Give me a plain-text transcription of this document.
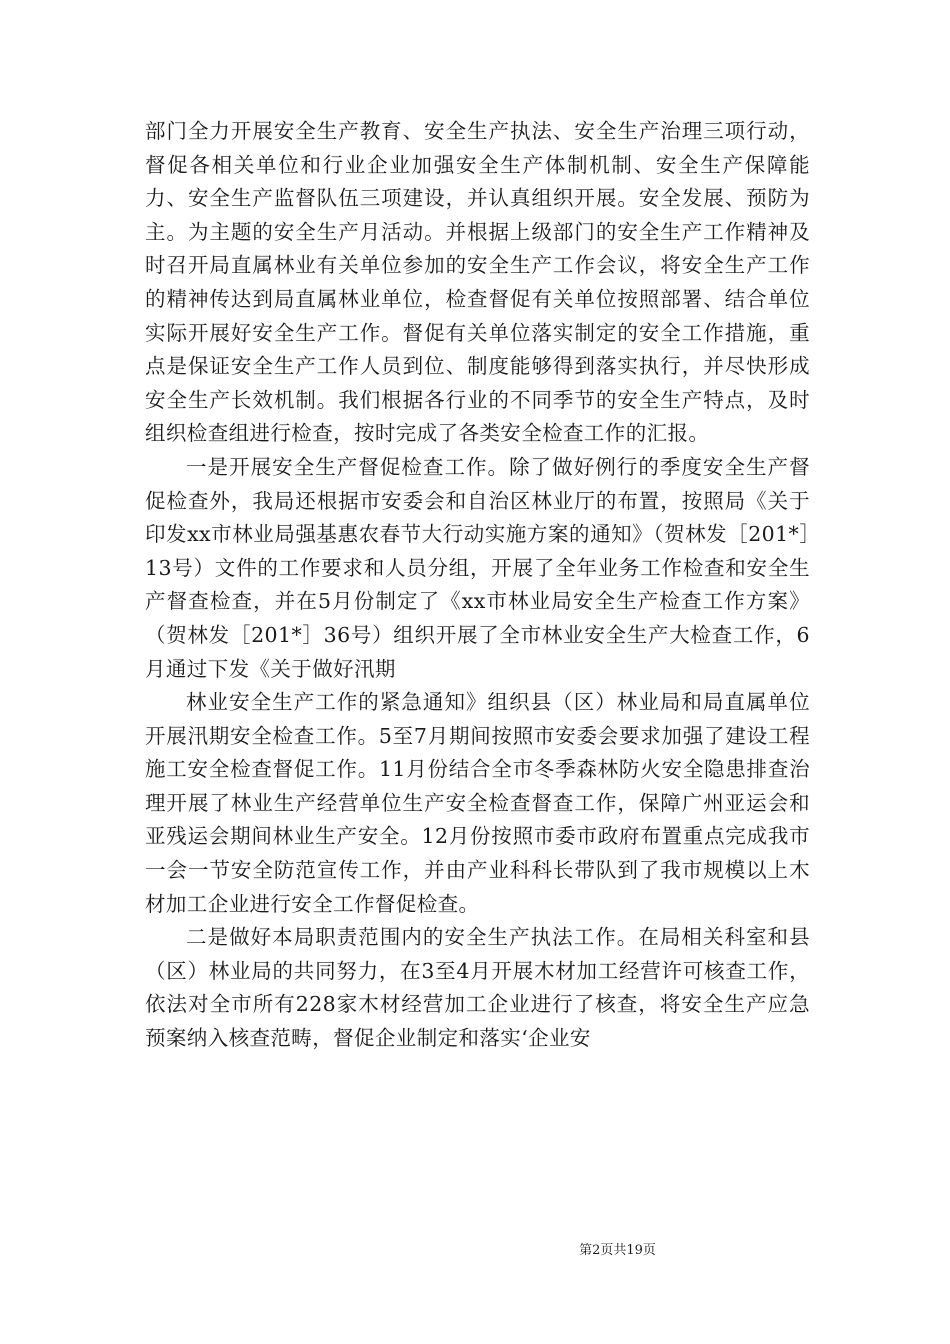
部门全力开展安全生产教育、安全生产执法、安全生产治理三项行动，督促各相关单位和行业企业加强安全生产体制机制、安全生产保障能力、安全生产监督队伍三项建设，并认真组织开展。安全发展、预防为主。为主题的安全生产月活动。并根据上级部门的安全生产工作精神及时召开局直属林业有关单位参加的安全生产工作会议，将安全生产工作的精神传达到局直属林业单位，检查督促有关单位按照部署、结合单位实际开展好安全生产工作。督促有关单位落实制定的安全工作措施，重点是保证安全生产工作人员到位、制度能够得到落实执行，并尽快形成安全生产长效机制。我们根据各行业的不同季节的安全生产特点，及时组织检查组进行检查，按时完成了各类安全检查工作的汇报。

一是开展安全生产督促检查工作。除了做好例行的季度安全生产督促检查外，我局还根据市安委会和自治区林业厅的布置，按照局《关于印发xx市林业局强基惠农春节大行动实施方案的通知》（贺林发［201*］13号）文件的工作要求和人员分组，开展了全年业务工作检查和安全生产督查检查，并在5月份制定了《xx市林业局安全生产检查工作方案》（贺林发［201*］36号）组织开展了全市林业安全生产大检查工作，6月通过下发《关于做好汛期

林业安全生产工作的紧急通知》组织县（区）林业局和局直属单位开展汛期安全检查工作。5至7月期间按照市安委会要求加强了建设工程施工安全检查督促工作。11月份结合全市冬季森林防火安全隐患排查治理开展了林业生产经营单位生产安全检查督查工作，保障广州亚运会和亚残运会期间林业生产安全。12月份按照市委市政府布置重点完成我市一会一节安全防范宣传工作，并由产业科科长带队到了我市规模以上木材加工企业进行安全工作督促检查。

二是做好本局职责范围内的安全生产执法工作。在局相关科室和县（区）林业局的共同努力，在3至4月开展木材加工经营许可核查工作，依法对全市所有228家木材经营加工企业进行了核查，将安全生产应急预案纳入核查范畴，督促企业制定和落实‘企业安

第2页共19页
